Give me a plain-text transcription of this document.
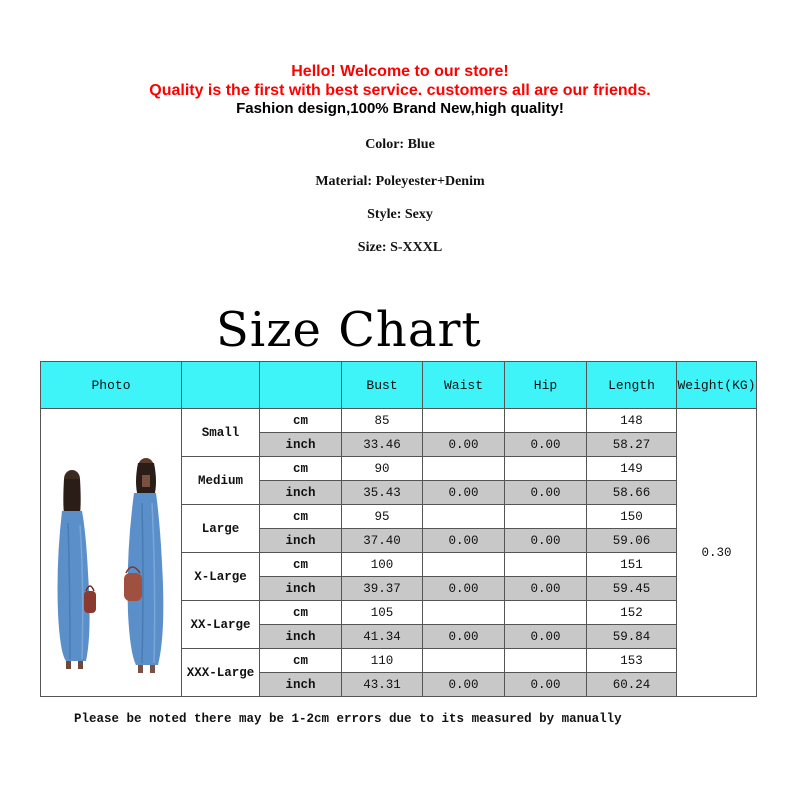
Hello! Welcome to our store!
Quality is the first with best service. customers all are our friends.
Fashion design,100% Brand New,high quality!
Color: Blue
Material: Poleyester+Denim
Style: Sexy
Size: S-XXXL
Size Chart
Photo			Bust	Waist	Hip	Length	Weight(KG)
	Small	cm	85			148	0.30
		inch	33.46	0.00	0.00	58.27	
	Medium	cm	90			149	
		inch	35.43	0.00	0.00	58.66	
	Large	cm	95			150	
		inch	37.40	0.00	0.00	59.06	
	X-Large	cm	100			151	
		inch	39.37	0.00	0.00	59.45	
	XX-Large	cm	105			152	
		inch	41.34	0.00	0.00	59.84	
	XXX-Large	cm	110			153	
		inch	43.31	0.00	0.00	60.24	
Please be noted there may be 1-2cm errors due to its measured by manually
